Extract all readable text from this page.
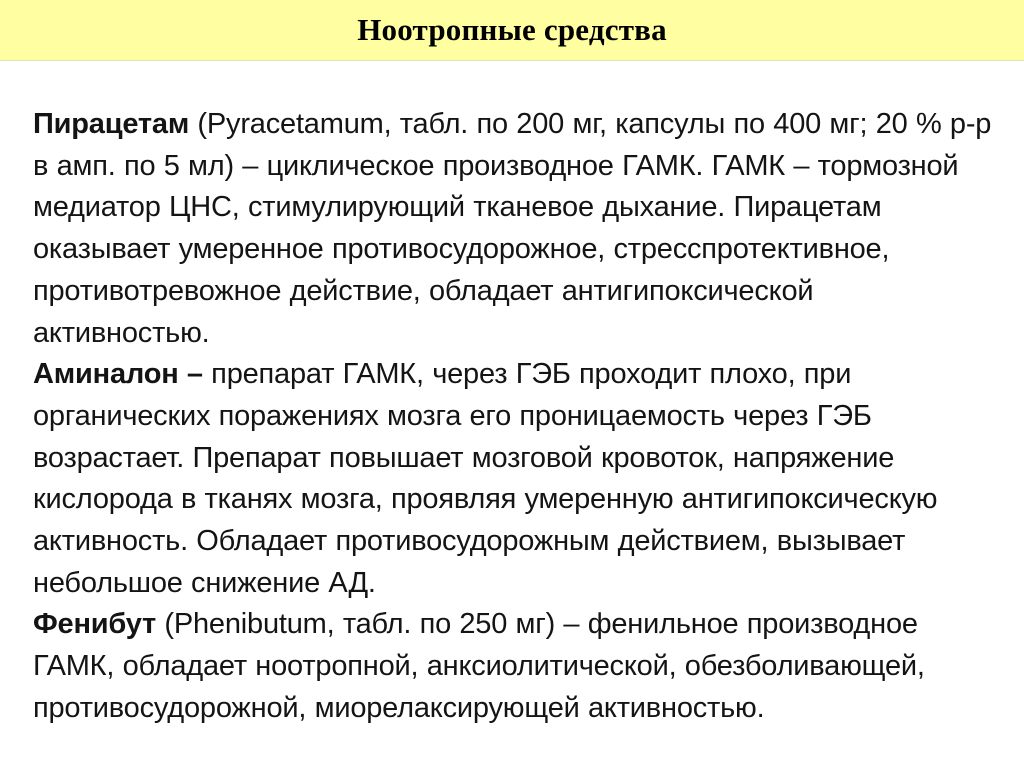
Ноотропные средства

Пирацетам (Pyracetamum, табл. по 200 мг, капсулы по 400 мг; 20 % р-р в амп. по 5 мл) – циклическое производное ГАМК. ГАМК – тормозной медиатор ЦНС, стимулирующий тканевое дыхание. Пирацетам оказывает умеренное противосудорожное, стресспротективное, противотревожное действие, обладает антигипоксической активностью.

Аминалон – препарат ГАМК, через ГЭБ проходит плохо, при органических поражениях мозга его проницаемость через ГЭБ возрастает. Препарат повышает мозговой кровоток, напряжение кислорода в тканях мозга, проявляя умеренную антигипоксическую активность. Обладает противосудорожным действием, вызывает небольшое снижение АД.

Фенибут (Phenibutum, табл. по 250 мг) – фенильное производное ГАМК, обладает ноотропной, анксиолитической, обезболивающей, противосудорожной, миорелаксирующей активностью.
